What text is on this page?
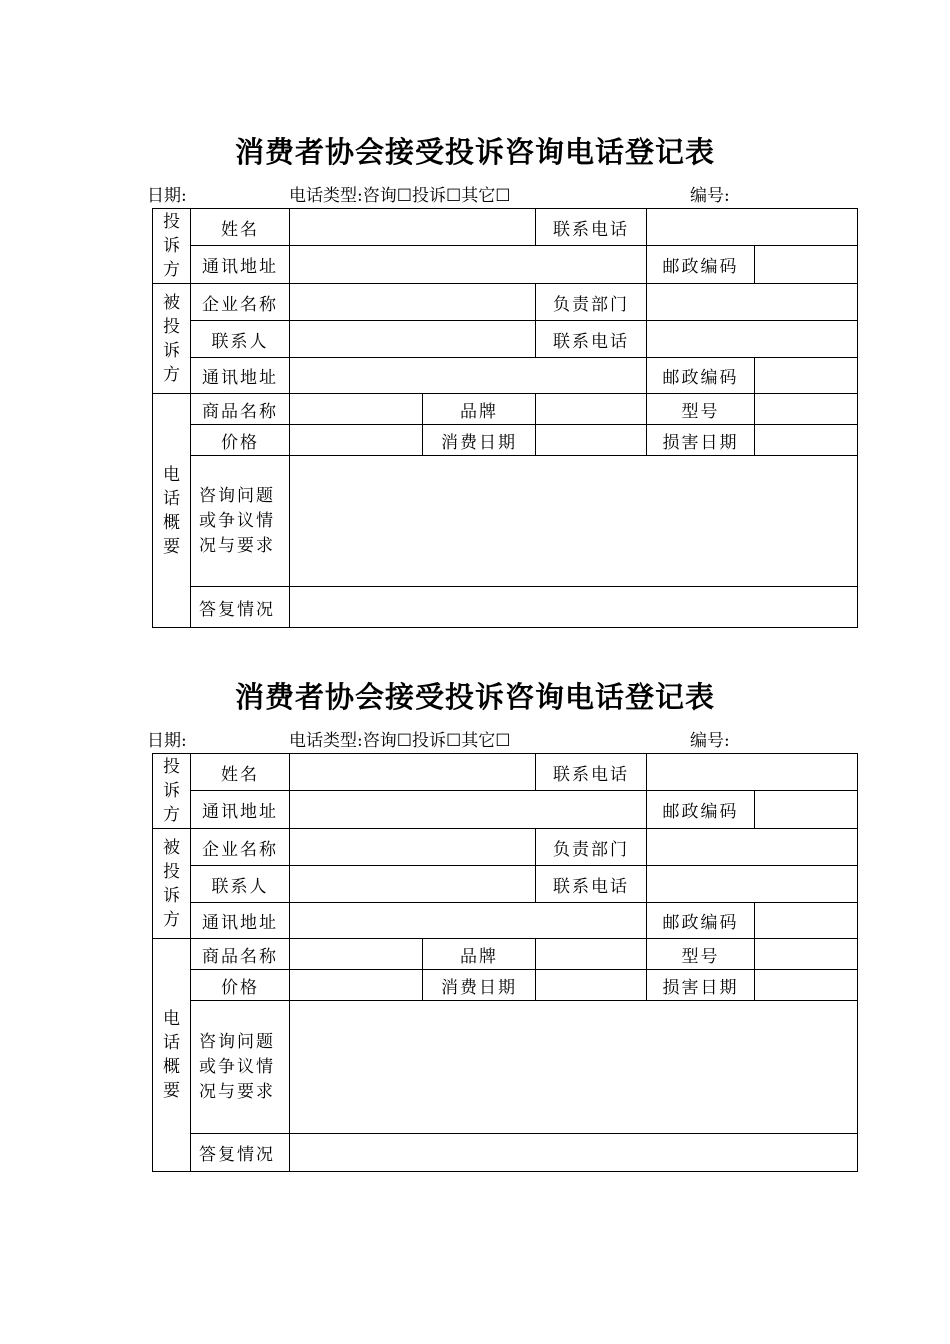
消费者协会接受投诉咨询电话登记表
日期:	电话类型:咨询☐投诉☐其它☐	编号:
投
诉
方	姓名			联系电话		
	通讯地址				邮政编码	
被
投
诉
方	企业名称			负责部门		
	联系人			联系电话		
	通讯地址				邮政编码	
电
话
概
要	商品名称		品牌		型号	
	价格		消费日期		损害日期	
	咨询问题
或争议情
况与要求					
	答复情况					
消费者协会接受投诉咨询电话登记表
日期:	电话类型:咨询☐投诉☐其它☐	编号:
投
诉
方	姓名			联系电话		
	通讯地址				邮政编码	
被
投
诉
方	企业名称			负责部门		
	联系人			联系电话		
	通讯地址				邮政编码	
电
话
概
要	商品名称		品牌		型号	
	价格		消费日期		损害日期	
	咨询问题
或争议情
况与要求					
	答复情况					
